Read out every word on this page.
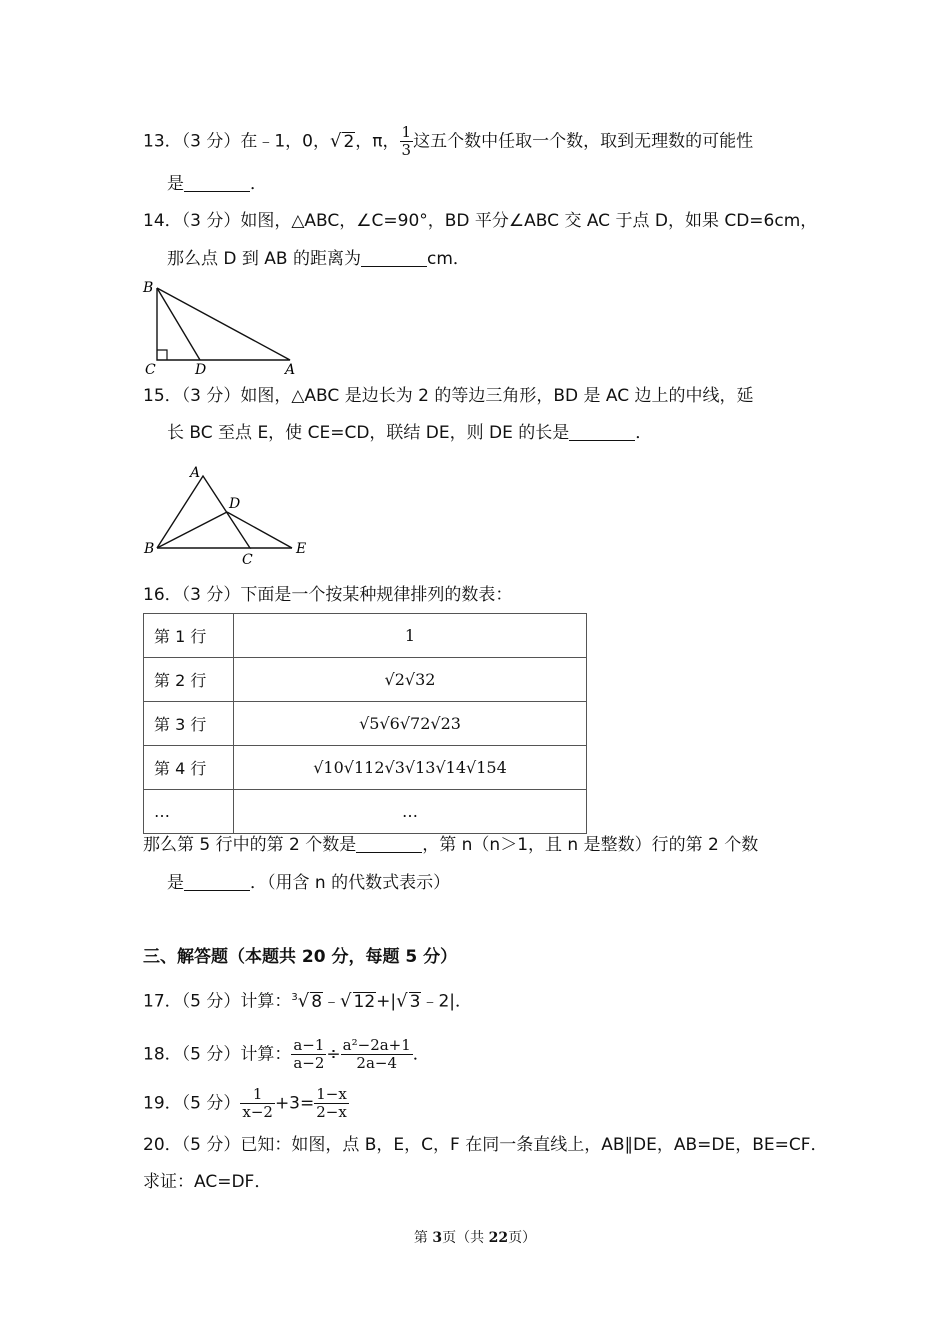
13．（3 分）在﹣1，0，√ 2，π， $\frac{1}{3}$ 这五个数中任取一个数，取到无理数的可能性
是	．
14．（3 分）如图，△ABC，∠C=90°，BD 平分∠ABC 交 AC 于点 D，如果 CD=6cm，
那么点 D 到 AB 的距离为	cm．
B
C	D	A
15．（3 分）如图，△ABC 是边长为 2 的等边三角形，BD 是 AC 边上的中线，延
长 BC 至点 E，使 CE=CD，联结 DE，则 DE 的长是	．
A
D
B
C
E
16．（3 分）下面是一个按某种规律排列的数表：
第 1 行	1
第 2 行	√2√32
第 3 行	√5√6√72√23
第 4 行	√10√112√3√13√14√154
…	…
那么第 5 行中的第 2 个数是	，第 n（n＞1，且 n 是整数）行的第 2 个数
是	．（用含 n 的代数式表示）
三、解答题（本题共 20 分，每题 5 分）
17．（5 分）计算：$^3$√ 8﹣√ 12+|√ 3﹣2|．
18．（5 分）计算： $\frac{a-1}{a-2} \div \frac{\text{a²−2a+1}}{2a-4}$ ．
19．（5 分） $\frac{1}{x-2} +3= \frac{1-x}{2-x}$
20．（5 分）已知：如图，点 B，E，C，F 在同一条直线上，AB∥DE，AB=DE，BE=CF．
求证：AC=DF．
第 3页（共 22页）
